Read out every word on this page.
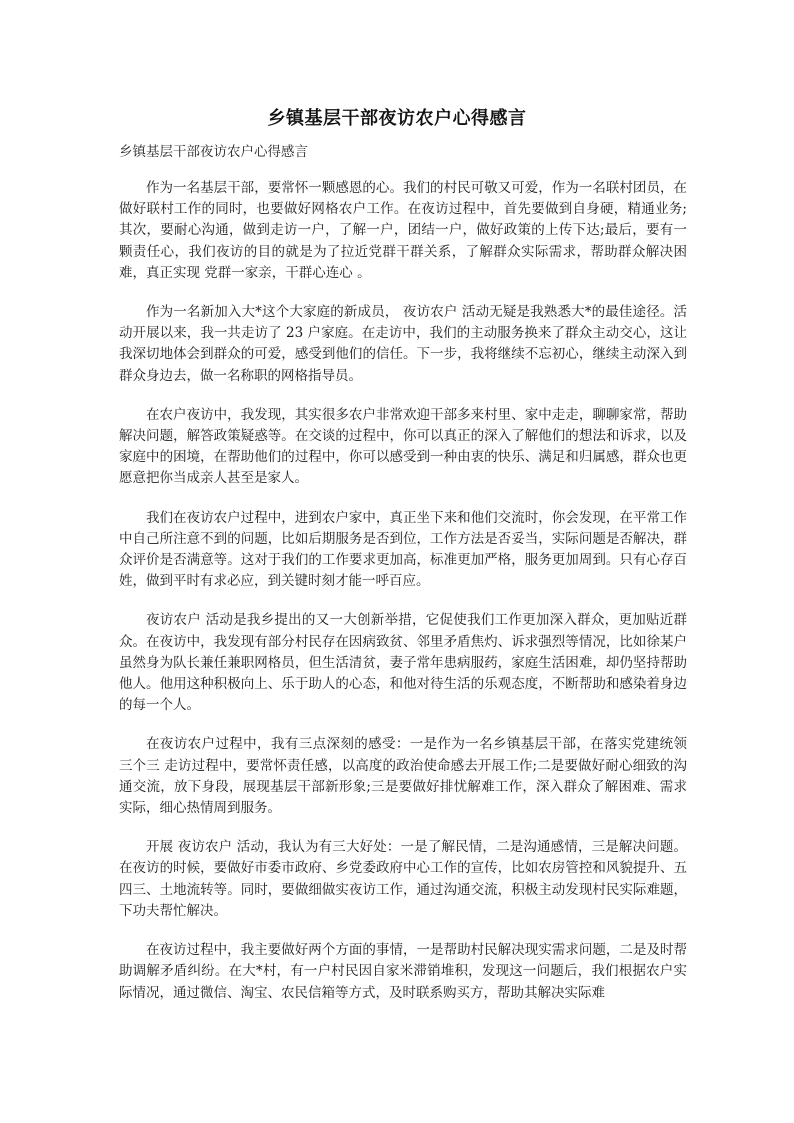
乡镇基层干部夜访农户心得感言
乡镇基层干部夜访农户心得感言

作为一名基层干部，要常怀一颗感恩的心。我们的村民可敬又可爱，作为一名联村团员，在做好联村工作的同时，也要做好网格农户工作。在夜访过程中，首先要做到自身硬，精通业务;其次，要耐心沟通，做到走访一户，了解一户，团结一户，做好政策的上传下达;最后，要有一颗责任心，我们夜访的目的就是为了拉近党群干群关系，了解群众实际需求，帮助群众解决困难，真正实现 党群一家亲，干群心连心 。

作为一名新加入大*这个大家庭的新成员， 夜访农户 活动无疑是我熟悉大*的最佳途径。活动开展以来，我一共走访了 23 户家庭。在走访中，我们的主动服务换来了群众主动交心，这让我深切地体会到群众的可爱，感受到他们的信任。下一步，我将继续不忘初心，继续主动深入到群众身边去，做一名称职的网格指导员。

在农户夜访中，我发现，其实很多农户非常欢迎干部多来村里、家中走走，聊聊家常，帮助解决问题，解答政策疑惑等。在交谈的过程中，你可以真正的深入了解他们的想法和诉求，以及家庭中的困境，在帮助他们的过程中，你可以感受到一种由衷的快乐、满足和归属感，群众也更愿意把你当成亲人甚至是家人。

我们在夜访农户过程中，进到农户家中，真正坐下来和他们交流时，你会发现，在平常工作中自己所注意不到的问题，比如后期服务是否到位，工作方法是否妥当，实际问题是否解决，群众评价是否满意等。这对于我们的工作要求更加高，标准更加严格，服务更加周到。只有心存百姓，做到平时有求必应，到关键时刻才能一呼百应。

夜访农户 活动是我乡提出的又一大创新举措，它促使我们工作更加深入群众，更加贴近群众。在夜访中，我发现有部分村民存在因病致贫、邻里矛盾焦灼、诉求强烈等情况，比如徐某户虽然身为队长兼任兼职网格员，但生活清贫，妻子常年患病服药，家庭生活困难，却仍坚持帮助他人。他用这种积极向上、乐于助人的心态，和他对待生活的乐观态度，不断帮助和感染着身边的每一个人。

在夜访农户过程中，我有三点深刻的感受：一是作为一名乡镇基层干部，在落实党建统领 三个三 走访过程中，要常怀责任感，以高度的政治使命感去开展工作;二是要做好耐心细致的沟通交流，放下身段，展现基层干部新形象;三是要做好排忧解难工作，深入群众了解困难、需求实际，细心热情周到服务。

开展 夜访农户 活动，我认为有三大好处：一是了解民情，二是沟通感情，三是解决问题。在夜访的时候，要做好市委市政府、乡党委政府中心工作的宣传，比如农房管控和风貌提升、五四三、土地流转等。同时，要做细做实夜访工作，通过沟通交流，积极主动发现村民实际难题，下功夫帮忙解决。

在夜访过程中，我主要做好两个方面的事情，一是帮助村民解决现实需求问题，二是及时帮助调解矛盾纠纷。在大*村，有一户村民因自家米滞销堆积，发现这一问题后，我们根据农户实际情况，通过微信、淘宝、农民信箱等方式，及时联系购买方，帮助其解决实际难
